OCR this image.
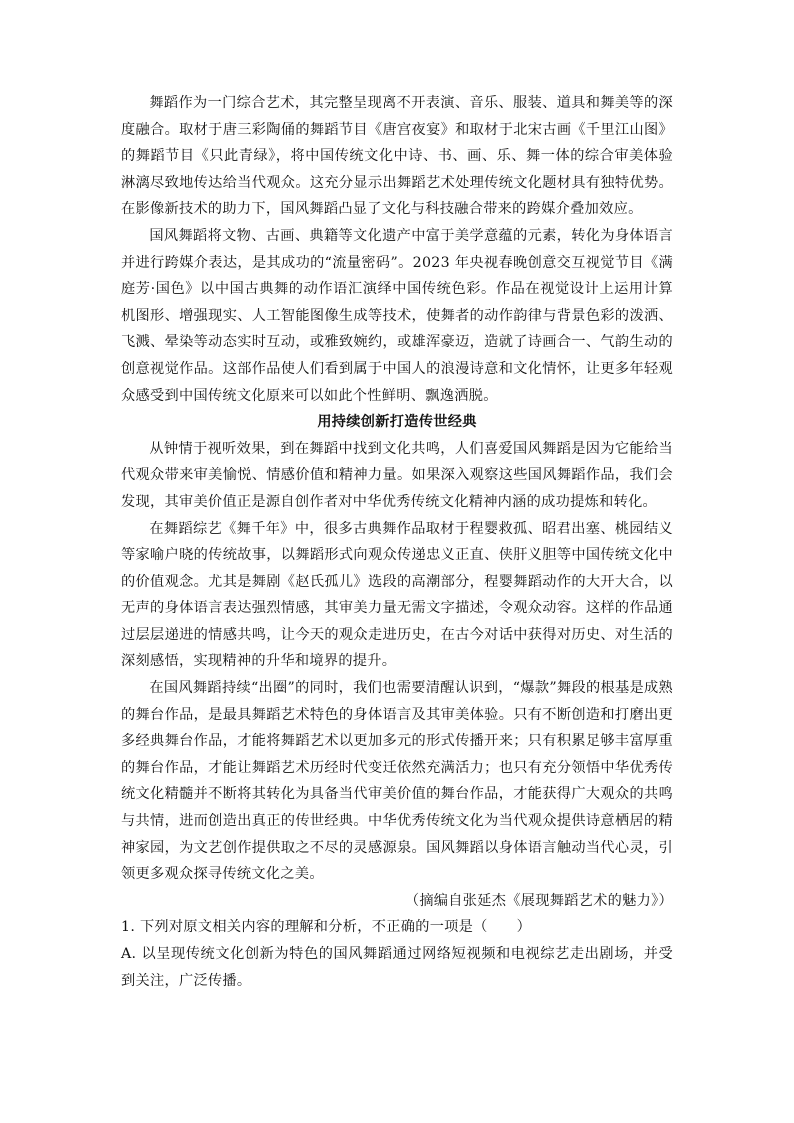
舞蹈作为一门综合艺术，其完整呈现离不开表演、音乐、服装、道具和舞美等的深度融合。取材于唐三彩陶俑的舞蹈节目《唐宫夜宴》和取材于北宋古画《千里江山图》的舞蹈节目《只此青绿》，将中国传统文化中诗、书、画、乐、舞一体的综合审美体验淋漓尽致地传达给当代观众。这充分显示出舞蹈艺术处理传统文化题材具有独特优势。在影像新技术的助力下，国风舞蹈凸显了文化与科技融合带来的跨媒介叠加效应。

国风舞蹈将文物、古画、典籍等文化遗产中富于美学意蕴的元素，转化为身体语言并进行跨媒介表达，是其成功的“流量密码”。2023 年央视春晚创意交互视觉节目《满庭芳·国色》以中国古典舞的动作语汇演绎中国传统色彩。作品在视觉设计上运用计算机图形、增强现实、人工智能图像生成等技术，使舞者的动作韵律与背景色彩的泼洒、飞溅、晕染等动态实时互动，或雅致婉约，或雄浑豪迈，造就了诗画合一、气韵生动的创意视觉作品。这部作品使人们看到属于中国人的浪漫诗意和文化情怀，让更多年轻观众感受到中国传统文化原来可以如此个性鲜明、飘逸洒脱。

用持续创新打造传世经典

从钟情于视听效果，到在舞蹈中找到文化共鸣，人们喜爱国风舞蹈是因为它能给当代观众带来审美愉悦、情感价值和精神力量。如果深入观察这些国风舞蹈作品，我们会发现，其审美价值正是源自创作者对中华优秀传统文化精神内涵的成功提炼和转化。

在舞蹈综艺《舞千年》中，很多古典舞作品取材于程婴救孤、昭君出塞、桃园结义等家喻户晓的传统故事，以舞蹈形式向观众传递忠义正直、侠肝义胆等中国传统文化中的价值观念。尤其是舞剧《赵氏孤儿》选段的高潮部分，程婴舞蹈动作的大开大合，以无声的身体语言表达强烈情感，其审美力量无需文字描述，令观众动容。这样的作品通过层层递进的情感共鸣，让今天的观众走进历史，在古今对话中获得对历史、对生活的深刻感悟，实现精神的升华和境界的提升。

在国风舞蹈持续“出圈”的同时，我们也需要清醒认识到，“爆款”舞段的根基是成熟的舞台作品，是最具舞蹈艺术特色的身体语言及其审美体验。只有不断创造和打磨出更多经典舞台作品，才能将舞蹈艺术以更加多元的形式传播开来；只有积累足够丰富厚重的舞台作品，才能让舞蹈艺术历经时代变迁依然充满活力；也只有充分领悟中华优秀传统文化精髓并不断将其转化为具备当代审美价值的舞台作品，才能获得广大观众的共鸣与共情，进而创造出真正的传世经典。中华优秀传统文化为当代观众提供诗意栖居的精神家园，为文艺创作提供取之不尽的灵感源泉。国风舞蹈以身体语言触动当代心灵，引领更多观众探寻传统文化之美。

（摘编自张延杰《展现舞蹈艺术的魅力》）

1. 下列对原文相关内容的理解和分析，不正确的一项是（　　）

A. 以呈现传统文化创新为特色的国风舞蹈通过网络短视频和电视综艺走出剧场，并受到关注，广泛传播。
